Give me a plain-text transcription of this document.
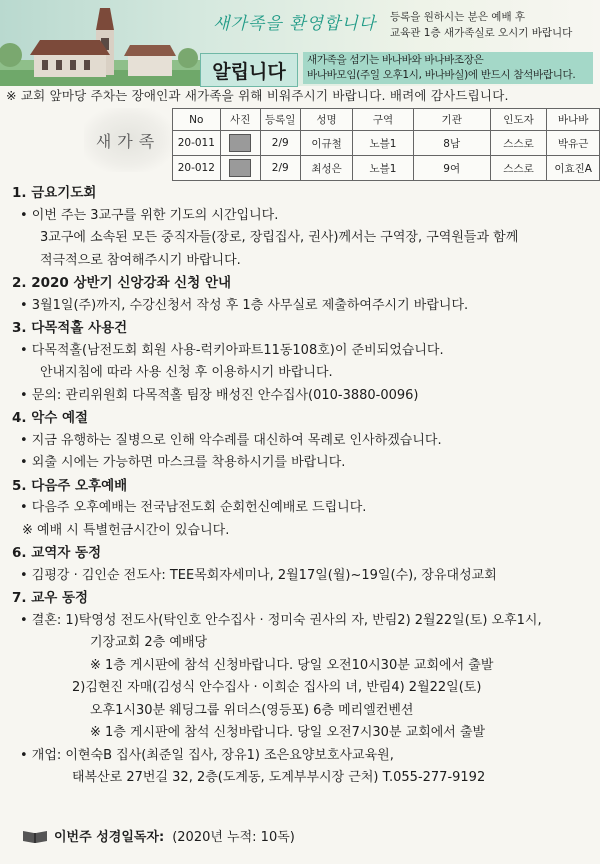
새가족을 환영합니다 등록을 원하시는 분은 예배 후
교육관 1층 새가족실로 오시기 바랍니다
알립니다
새가족을 섬기는 바나바와 바나바조장은
바나바모임(주일 오후1시, 바나바실)에 반드시 참석바랍니다.
※ 교회 앞마당 주차는 장애인과 새가족을 위해 비워주시기 바랍니다. 배려에 감사드립니다.
새가족
No	사진	등록일	성명	구역	기관	인도자	바나바
20-011		2/9	이규철	노블1	8남	스스로	박유근
20-012		2/9	최성은	노블1	9여	스스로	이효진A
1. 금요기도회
• 이번 주는 3교구를 위한 기도의 시간입니다.
3교구에 소속된 모든 중직자들(장로, 장립집사, 권사)께서는 구역장, 구역원들과 함께
적극적으로 참여해주시기 바랍니다.
2. 2020 상반기 신앙강좌 신청 안내
• 3월1일(주)까지, 수강신청서 작성 후 1층 사무실로 제출하여주시기 바랍니다.
3. 다목적홀 사용건
• 다목적홀(남전도회 회원 사용-럭키아파트11동108호)이 준비되었습니다.
안내지침에 따라 사용 신청 후 이용하시기 바랍니다.
• 문의: 관리위원회 다목적홀 팀장 배성진 안수집사(010-3880-0096)
4. 악수 예절
• 지금 유행하는 질병으로 인해 악수례를 대신하여 목례로 인사하겠습니다.
• 외출 시에는 가능하면 마스크를 착용하시기를 바랍니다.
5. 다음주 오후예배
• 다음주 오후예배는 전국남전도회 순회헌신예배로 드립니다.
※ 예배 시 특별헌금시간이 있습니다.
6. 교역자 동정
• 김평강 · 김인순 전도사: TEE목회자세미나, 2월17일(월)~19일(수), 장유대성교회
7. 교우 동정
• 결혼: 1)탁영성 전도사(탁인호 안수집사 · 정미숙 권사의 자, 반림2) 2월22일(토) 오후1시,
기장교회 2층 예배당
※ 1층 게시판에 참석 신청바랍니다. 당일 오전10시30분 교회에서 출발
2)김현진 자매(김성식 안수집사 · 이희순 집사의 녀, 반림4) 2월22일(토)
오후1시30분 웨딩그룹 위더스(영등포) 6층 메리엘컨벤션
※ 1층 게시판에 참석 신청바랍니다. 당일 오전7시30분 교회에서 출발
• 개업: 이현숙B 집사(최준일 집사, 장유1) 조은요양보호사교육원,
태복산로 27번길 32, 2층(도계동, 도계부부시장 근처) T.055-277-9192
이번주 성경일독자: (2020년 누적: 10독)
